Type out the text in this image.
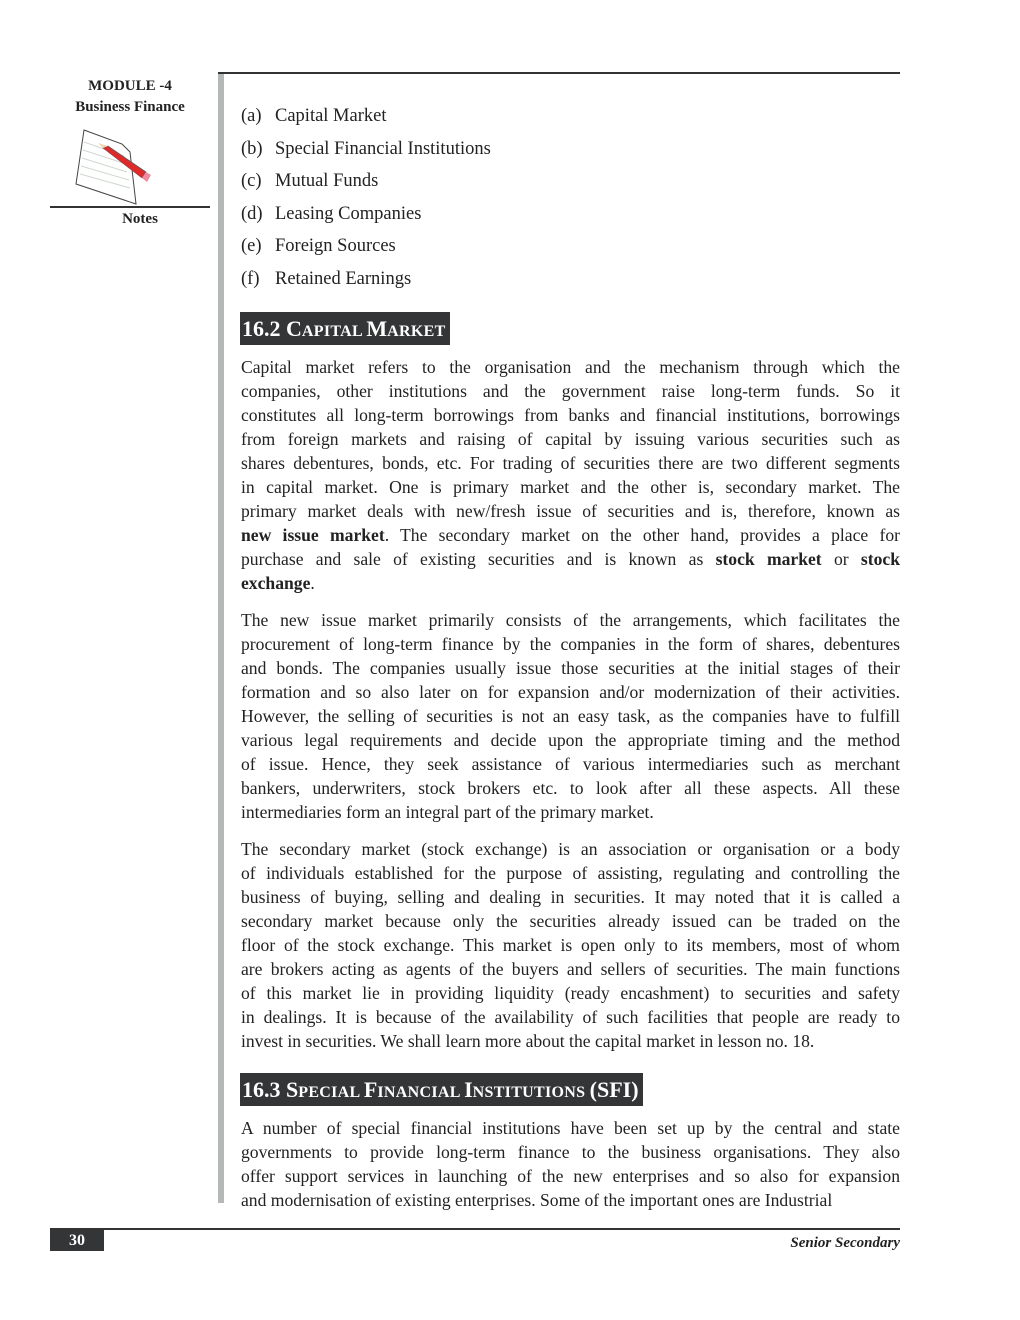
MODULE -4
Business Finance
Notes
(a) Capital Market
(b) Special Financial Institutions
(c) Mutual Funds
(d) Leasing Companies
(e) Foreign Sources
(f) Retained Earnings
16.2 CAPITAL MARKET
Capital market refers to the organisation and the mechanism through which the
companies, other institutions and the government raise long-term funds. So it
constitutes all long-term borrowings from banks and financial institutions, borrowings
from foreign markets and raising of capital by issuing various securities such as
shares debentures, bonds, etc. For trading of securities there are two different segments
in capital market. One is primary market and the other is, secondary market. The
primary market deals with new/fresh issue of securities and is, therefore, known as
new issue market. The secondary market on the other hand, provides a place for
purchase and sale of existing securities and is known as stock market or stock
exchange.
The new issue market primarily consists of the arrangements, which facilitates the
procurement of long-term finance by the companies in the form of shares, debentures
and bonds. The companies usually issue those securities at the initial stages of their
formation and so also later on for expansion and/or modernization of their activities.
However, the selling of securities is not an easy task, as the companies have to fulfill
various legal requirements and decide upon the appropriate timing and the method
of issue. Hence, they seek assistance of various intermediaries such as merchant
bankers, underwriters, stock brokers etc. to look after all these aspects. All these
intermediaries form an integral part of the primary market.
The secondary market (stock exchange) is an association or organisation or a body
of individuals established for the purpose of assisting, regulating and controlling the
business of buying, selling and dealing in securities. It may noted that it is called a
secondary market because only the securities already issued can be traded on the
floor of the stock exchange. This market is open only to its members, most of whom
are brokers acting as agents of the buyers and sellers of securities. The main functions
of this market lie in providing liquidity (ready encashment) to securities and safety
in dealings. It is because of the availability of such facilities that people are ready to
invest in securities. We shall learn more about the capital market in lesson no. 18.
16.3 SPECIAL FINANCIAL INSTITUTIONS (SFI)
A number of special financial institutions have been set up by the central and state
governments to provide long-term finance to the business organisations. They also
offer support services in launching of the new enterprises and so also for expansion
and modernisation of existing enterprises. Some of the important ones are Industrial
30	Senior Secondary
